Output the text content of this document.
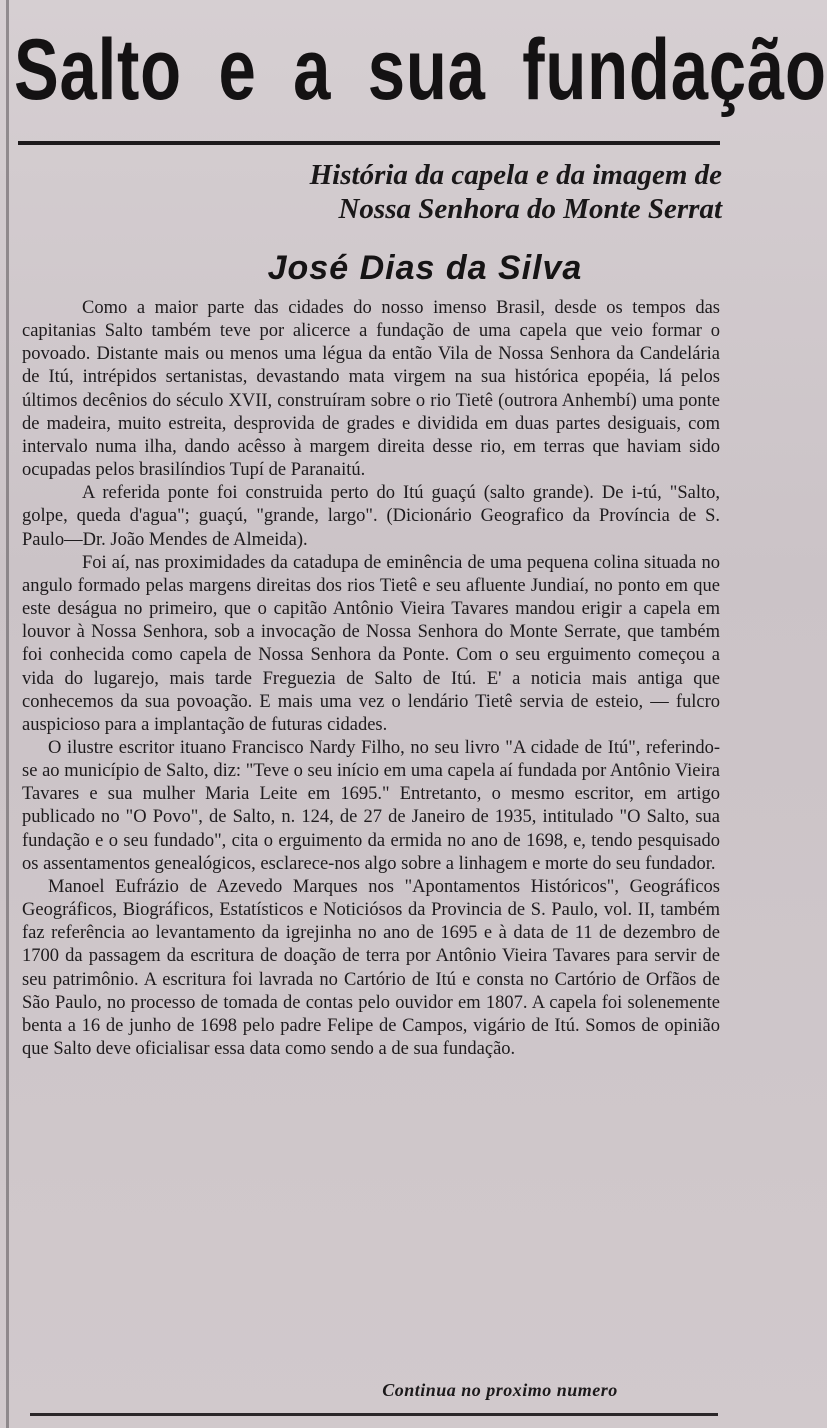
Salto e a sua fundação
História da capela e da imagem de
Nossa Senhora do Monte Serrat
José Dias da Silva

Como a maior parte das cidades do nosso imenso Brasil, desde os tempos das capitanias Salto também teve por alicerce a fundação de uma capela que veio formar o povoado. Distante mais ou menos uma légua da então Vila de Nossa Senhora da Candelária de Itú, intrépidos sertanistas, devastando mata virgem na sua histórica epopéia, lá pelos últimos decênios do século XVII, construíram sobre o rio Tietê (outrora Anhembí) uma ponte de madeira, muito estreita, desprovida de grades e dividida em duas partes desiguais, com intervalo numa ilha, dando acêsso à margem direita desse rio, em terras que haviam sido ocupadas pelos brasilíndios Tupí de Paranaitú.

A referida ponte foi construida perto do Itú guaçú (salto grande). De i-tú, "Salto, golpe, queda d'agua"; guaçú, "grande, largo". (Dicionário Geografico da Província de S. Paulo—Dr. João Mendes de Almeida).

Foi aí, nas proximidades da catadupa de eminência de uma pequena colina situada no angulo formado pelas margens direitas dos rios Tietê e seu afluente Jundiaí, no ponto em que este deságua no primeiro, que o capitão Antônio Vieira Tavares mandou erigir a capela em louvor à Nossa Senhora, sob a invocação de Nossa Senhora do Monte Serrate, que também foi conhecida como capela de Nossa Senhora da Ponte. Com o seu erguimento começou a vida do lugarejo, mais tarde Freguezia de Salto de Itú. E' a noticia mais antiga que conhecemos da sua povoação. E mais uma vez o lendário Tietê servia de esteio, — fulcro auspicioso para a implantação de futuras cidades.

O ilustre escritor ituano Francisco Nardy Filho, no seu livro "A cidade de Itú", referindo-se ao município de Salto, diz: "Teve o seu início em uma capela aí fundada por Antônio Vieira Tavares e sua mulher Maria Leite em 1695." Entretanto, o mesmo escritor, em artigo publicado no "O Povo", de Salto, n. 124, de 27 de Janeiro de 1935, intitulado "O Salto, sua fundação e o seu fundado", cita o erguimento da ermida no ano de 1698, e, tendo pesquisado os assentamentos genealógicos, esclarece-nos algo sobre a linhagem e morte do seu fundador.

Manoel Eufrázio de Azevedo Marques nos "Apontamentos Históricos", Geográficos Geográficos, Biográficos, Estatísticos e Noticiósos da Provincia de S. Paulo, vol. II, também faz referência ao levantamento da igrejinha no ano de 1695 e à data de 11 de dezembro de 1700 da passagem da escritura de doação de terra por Antônio Vieira Tavares para servir de seu patrimônio. A escritura foi lavrada no Cartório de Itú e consta no Cartório de Orfãos de São Paulo, no processo de tomada de contas pelo ouvidor em 1807. A capela foi solenemente benta a 16 de junho de 1698 pelo padre Felipe de Campos, vigário de Itú. Somos de opinião que Salto deve oficialisar essa data como sendo a de sua fundação.

Continua no proximo numero
